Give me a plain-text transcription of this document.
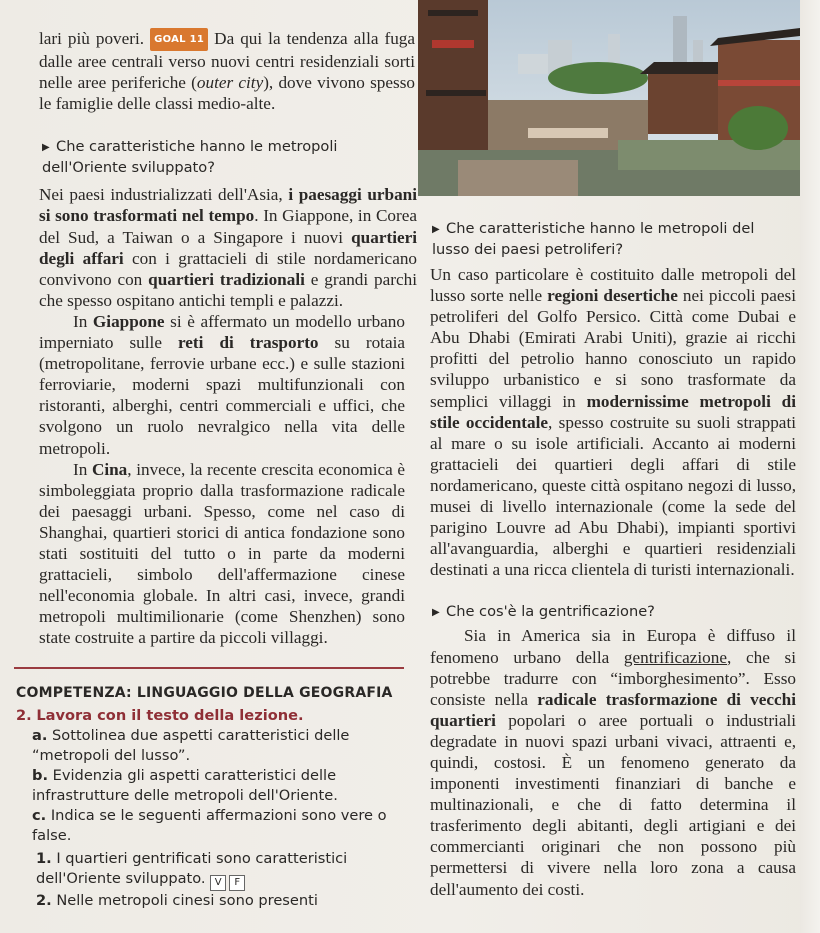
lari più poveri. GOAL 11 Da qui la tendenza alla fuga dalle aree centrali verso nuovi centri residenziali sorti nelle aree periferiche (outer city), dove vivono spesso le famiglie delle classi medio-alte.

▶ Che caratteristiche hanno le metropoli dell'Oriente sviluppato?

Nei paesi industrializzati dell'Asia, i paesaggi urbani si sono trasformati nel tempo. In Giappone, in Corea del Sud, a Taiwan o a Singapore i nuovi quartieri degli affari con i grattacieli di stile nordamericano convivono con quartieri tradizionali e grandi parchi che spesso ospitano antichi templi e palazzi.

In Giappone si è affermato un modello urbano imperniato sulle reti di trasporto su rotaia (metropolitane, ferrovie urbane ecc.) e sulle stazioni ferroviarie, moderni spazi multifunzionali con ristoranti, alberghi, centri commerciali e uffici, che svolgono un ruolo nevralgico nella vita delle metropoli.

In Cina, invece, la recente crescita economica è simboleggiata proprio dalla trasformazione radicale dei paesaggi urbani. Spesso, come nel caso di Shanghai, quartieri storici di antica fondazione sono stati sostituiti del tutto o in parte da moderni grattacieli, simbolo dell'affermazione cinese nell'economia globale. In altri casi, invece, grandi metropoli multimilionarie (come Shenzhen) sono state costruite a partire da piccoli villaggi.

COMPETENZA: LINGUAGGIO DELLA GEOGRAFIA
2. Lavora con il testo della lezione.
a. Sottolinea due aspetti caratteristici delle “metropoli del lusso”.
b. Evidenzia gli aspetti caratteristici delle infrastrutture delle metropoli dell'Oriente.
c. Indica se le seguenti affermazioni sono vere o false.
1. I quartieri gentrificati sono caratteristici dell'Oriente sviluppato. V	F
2. Nelle metropoli cinesi sono presenti

▶ Che caratteristiche hanno le metropoli del lusso dei paesi petroliferi?

Un caso particolare è costituito dalle metropoli del lusso sorte nelle regioni desertiche nei piccoli paesi petroliferi del Golfo Persico. Città come Dubai e Abu Dhabi (Emirati Arabi Uniti), grazie ai ricchi profitti del petrolio hanno conosciuto un rapido sviluppo urbanistico e si sono trasformate da semplici villaggi in modernissime metropoli di stile occidentale, spesso costruite su suoli strappati al mare o su isole artificiali. Accanto ai moderni grattacieli dei quartieri degli affari di stile nordamericano, queste città ospitano negozi di lusso, musei di livello internazionale (come la sede del parigino Louvre ad Abu Dhabi), impianti sportivi all'avanguardia, alberghi e quartieri residenziali destinati a una ricca clientela di turisti internazionali.

▶ Che cos'è la gentrificazione?

Sia in America sia in Europa è diffuso il fenomeno urbano della gentrificazione, che si potrebbe tradurre con “imborghesimento”. Esso consiste nella radicale trasformazione di vecchi quartieri popolari o aree portuali o industriali degradate in nuovi spazi urbani vivaci, attraenti e, quindi, costosi. È un fenomeno generato da imponenti investimenti finanziari di banche e multinazionali, e che di fatto determina il trasferimento degli abitanti, degli artigiani e dei commercianti originari che non possono più permettersi di vivere nella loro zona a causa dell'aumento dei costi.
